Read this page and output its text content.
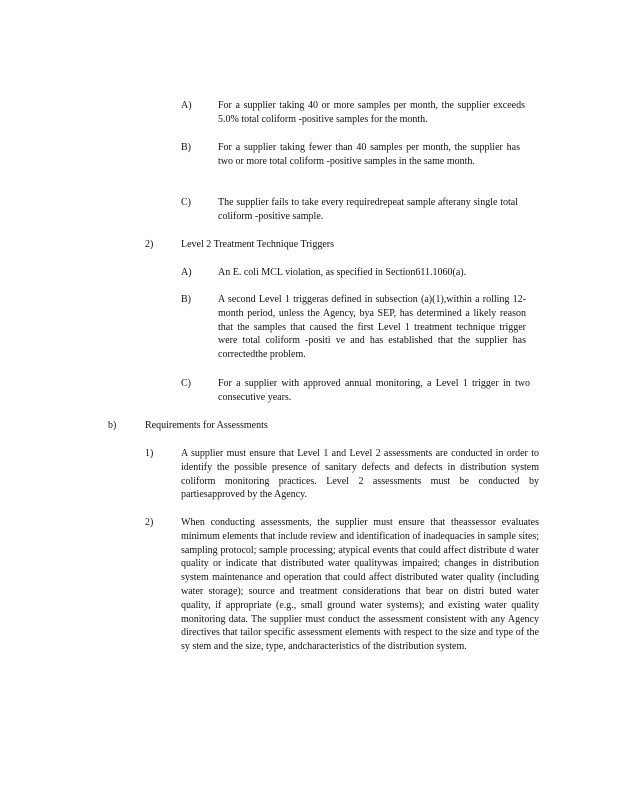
A)	For a supplier taking 40 or more samples per month, the supplier exceeds 5.0% total coliform -positive samples for the month.
B)	For a supplier taking fewer than 40 samples per month, the supplier has two or more total coliform -positive samples in the same month.
C)	The supplier fails to take every requiredrepeat sample afterany single total coliform -positive sample.
2)	Level 2 Treatment Technique Triggers
A)	An E. coli MCL violation, as specified in Section611.1060(a).
B)	A second Level 1 triggeras defined in subsection (a)(1),within a rolling 12-month period, unless the Agency, bya SEP, has determined a likely reason that the samples that caused the first Level 1 treatment technique trigger were total coliform -positi ve and has established that the supplier has correctedthe problem.
C)	For a supplier with approved annual monitoring, a Level 1 trigger in two consecutive years.
b)	Requirements for Assessments
1)	A supplier must ensure that Level 1 and Level 2 assessments are conducted in order to identify the possible presence of sanitary defects and defects in distribution system coliform monitoring practices. Level 2 assessments must be conducted by partiesapproved by the Agency.
2)	When conducting assessments, the supplier must ensure that theassessor evaluates minimum elements that include review and identification of inadequacies in sample sites; sampling protocol; sample processing; atypical events that could affect distribute d water quality or indicate that distributed water qualitywas impaired; changes in distribution system maintenance and operation that could affect distributed water quality (including water storage); source and treatment considerations that bear on distri buted water quality, if appropriate (e.g., small ground water systems); and existing water quality monitoring data. The supplier must conduct the assessment consistent with any Agency directives that tailor specific assessment elements with respect to the size and type of the sy stem and the size, type, andcharacteristics of the distribution system.
